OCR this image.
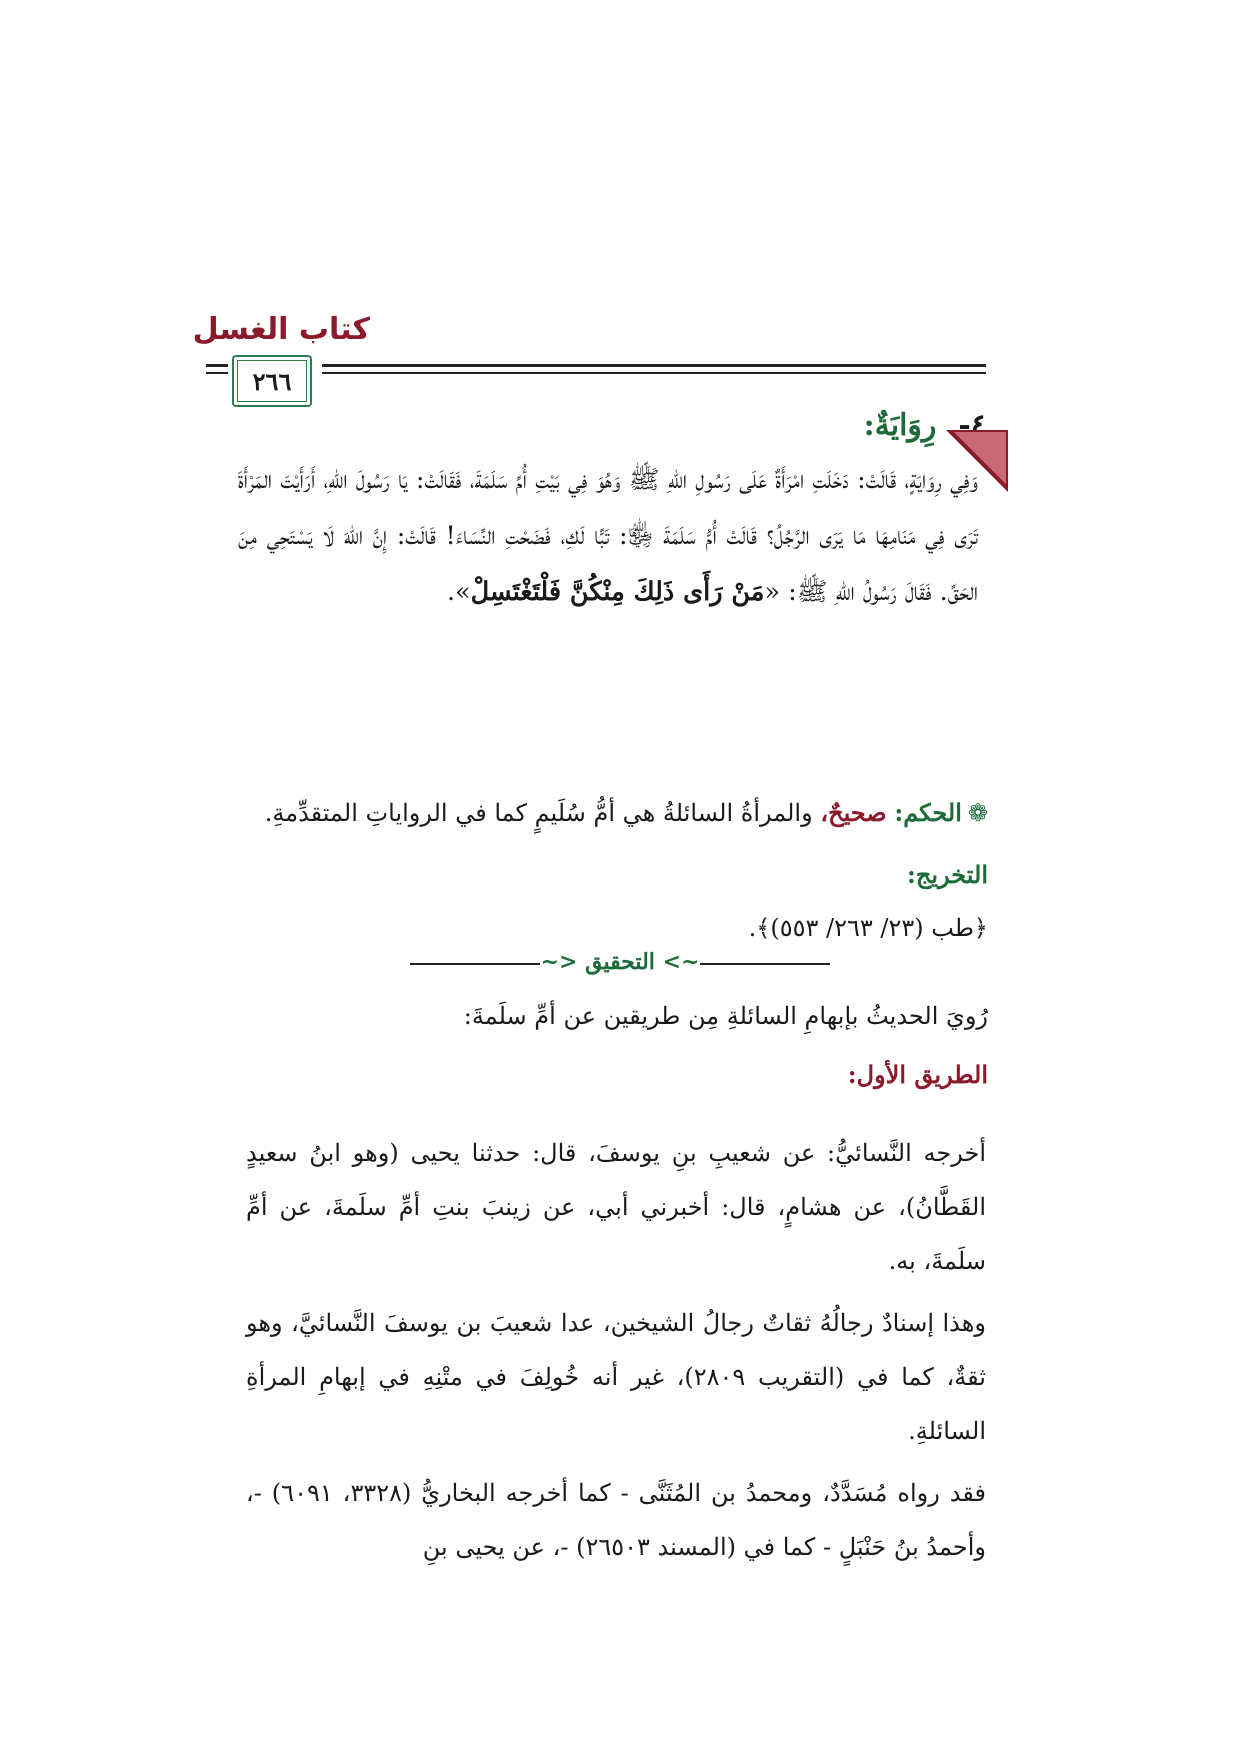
كتاب الغسل
٢٦٦
٤-رِوَايَةٌ:
وَفِي رِوَايَةٍ، قَالَتْ: دَخَلَتِ امْرَأَةٌ عَلَى رَسُولِ اللهِ ﷺ وَهُوَ فِي بَيْتِ أُمِّ سَلَمَةَ، فَقَالَتْ: يَا رَسُولَ اللهِ، أَرَأَيْتَ المَرْأَةَ تَرَى فِي مَنَامِهَا مَا يَرَى الرَّجُلُ؟ قَالَتْ أُمُّ سَلَمَةَ ﵂: تَبًّا لَكِ، فَضَحْتِ النِّسَاءَ! قَالَتْ: إِنَّ اللهَ لَا يَسْتَحِي مِنَ الحَقِّ. فَقَالَ رَسُولُ اللهِ ﷺ: «مَنْ رَأَى ذَلِكَ مِنْكُنَّ فَلْتَغْتَسِلْ».
❁الحكم: صحيحٌ، والمرأةُ السائلةُ هي أمُّ سُلَيمٍ كما في الرواياتِ المتقدِّمةِ.
التخريج:
﴿طب (٢٣/ ٢٦٣/ ٥٥٣)﴾.
~> التحقيق <~
رُويَ الحديثُ بإبهامِ السائلةِ مِن طريقين عن أمِّ سلَمةَ:
الطريق الأول:
أخرجه النَّسائيُّ: عن شعيبِ بنِ يوسفَ، قال: حدثنا يحيى (وهو ابنُ سعيدٍ القَطَّانُ)، عن هشامٍ، قال: أخبرني أبي، عن زينبَ بنتِ أمِّ سلَمةَ، عن أمِّ سلَمةَ، به.
وهذا إسنادٌ رجالُهُ ثقاتٌ رجالُ الشيخين، عدا شعيبَ بن يوسفَ النَّسائيَّ، وهو ثقةٌ، كما في (التقريب ٢٨٠٩)، غير أنه خُولِفَ في متْنِهِ في إبهامِ المرأةِ السائلةِ.
فقد رواه مُسَدَّدٌ، ومحمدُ بن المُثَنَّى - كما أخرجه البخاريُّ (٣٣٢٨، ٦٠٩١) -، وأحمدُ بنُ حَنْبَلٍ - كما في (المسند ٢٦٥٠٣) -، عن يحيى بنِ
